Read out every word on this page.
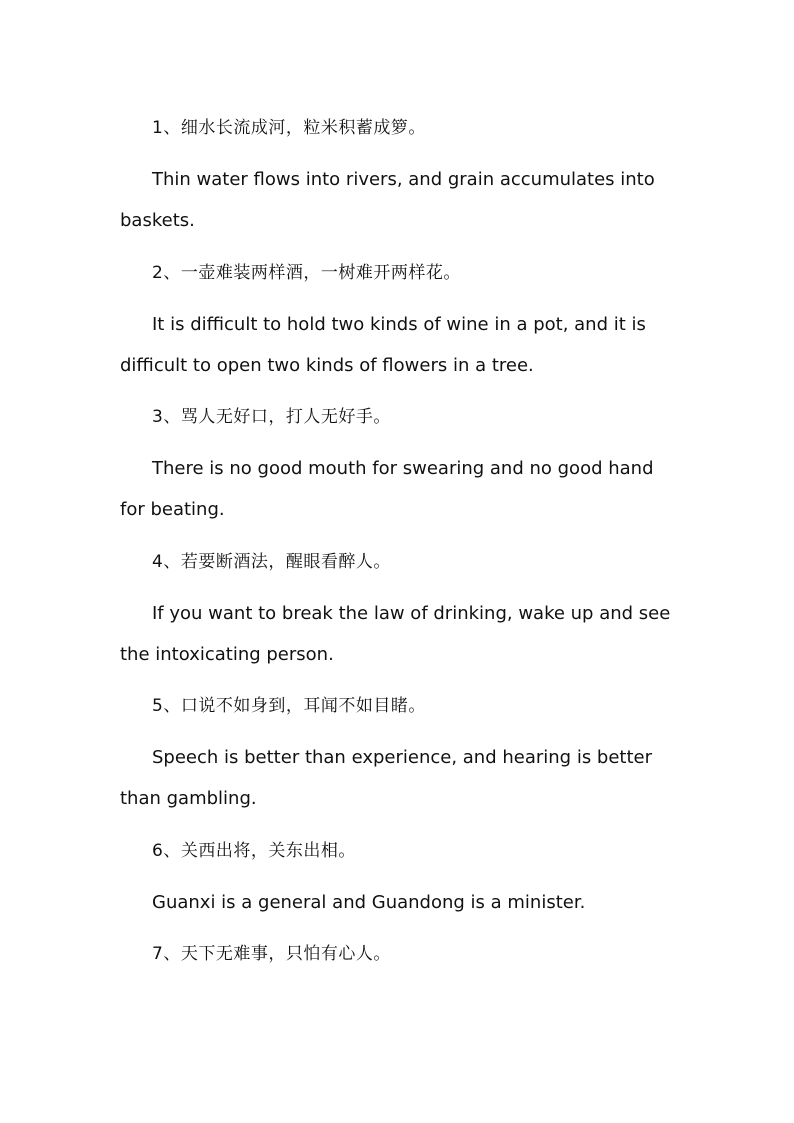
1、细水长流成河，粒米积蓄成箩。

Thin water flows into rivers, and grain accumulates into baskets.

2、一壶难装两样酒，一树难开两样花。

It is difficult to hold two kinds of wine in a pot, and it is difficult to open two kinds of flowers in a tree.

3、骂人无好口，打人无好手。

There is no good mouth for swearing and no good hand for beating.

4、若要断酒法，醒眼看醉人。

If you want to break the law of drinking, wake up and see the intoxicating person.

5、口说不如身到，耳闻不如目睹。

Speech is better than experience, and hearing is better than gambling.

6、关西出将，关东出相。

Guanxi is a general and Guandong is a minister.

7、天下无难事，只怕有心人。
